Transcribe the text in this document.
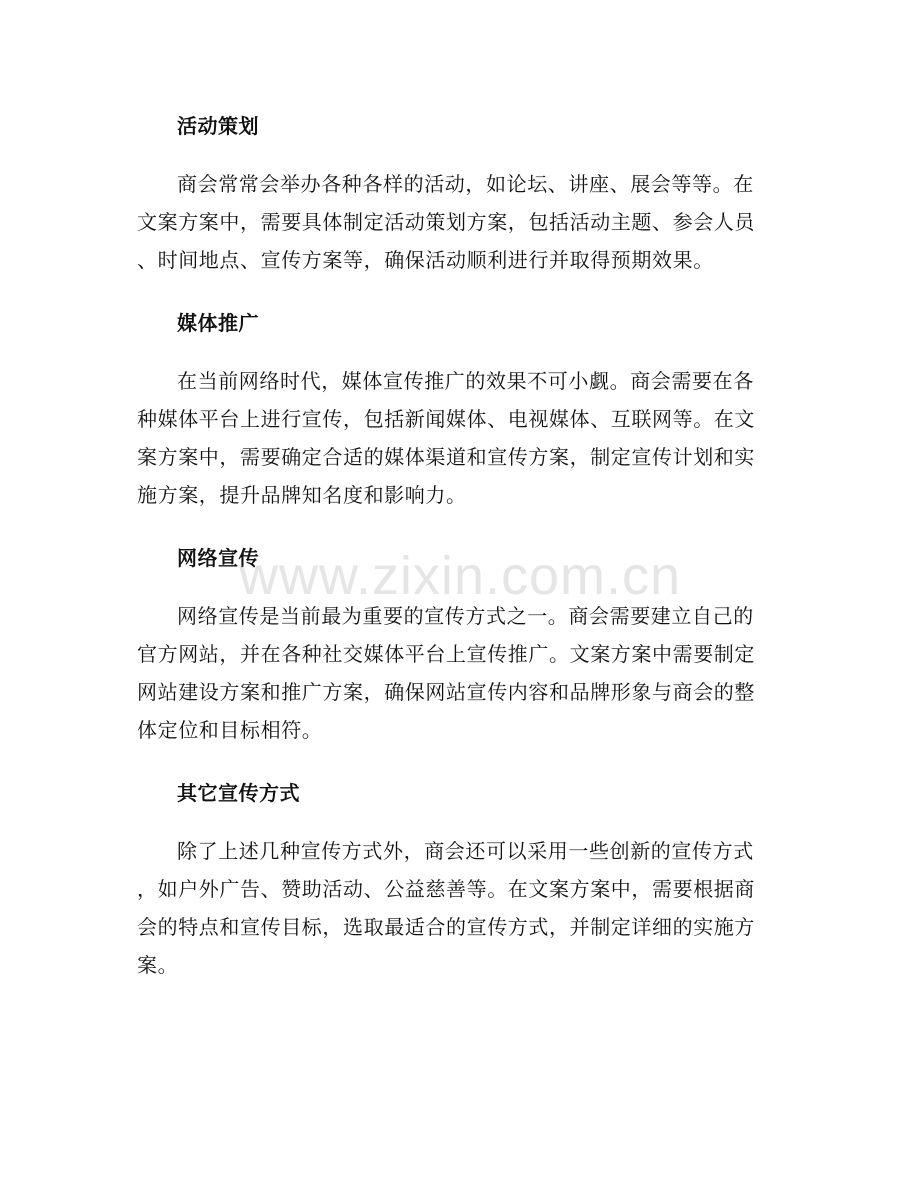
活动策划

商会常常会举办各种各样的活动，如论坛、讲座、展会等等。在
文案方案中，需要具体制定活动策划方案，包括活动主题、参会人员
、时间地点、宣传方案等，确保活动顺利进行并取得预期效果。

媒体推广

在当前网络时代，媒体宣传推广的效果不可小觑。商会需要在各
种媒体平台上进行宣传，包括新闻媒体、电视媒体、互联网等。在文
案方案中，需要确定合适的媒体渠道和宣传方案，制定宣传计划和实
施方案，提升品牌知名度和影响力。

网络宣传

网络宣传是当前最为重要的宣传方式之一。商会需要建立自己的
官方网站，并在各种社交媒体平台上宣传推广。文案方案中需要制定
网站建设方案和推广方案，确保网站宣传内容和品牌形象与商会的整
体定位和目标相符。

其它宣传方式

除了上述几种宣传方式外，商会还可以采用一些创新的宣传方式
，如户外广告、赞助活动、公益慈善等。在文案方案中，需要根据商
会的特点和宣传目标，选取最适合的宣传方式，并制定详细的实施方
案。

www.zixin.com.cn
